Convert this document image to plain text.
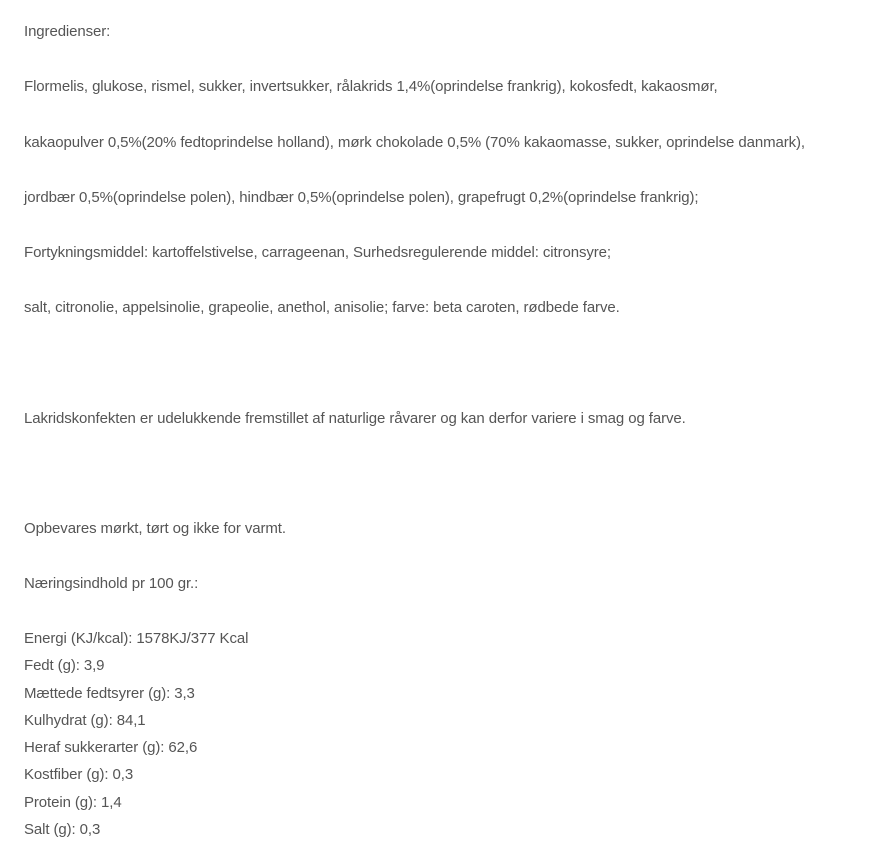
Ingredienser:
Flormelis, glukose, rismel, sukker, invertsukker, rålakrids 1,4%(oprindelse frankrig), kokosfedt, kakaosmør,
kakaopulver 0,5%(20% fedtoprindelse holland), mørk chokolade 0,5% (70% kakaomasse, sukker, oprindelse danmark),
jordbær 0,5%(oprindelse polen), hindbær 0,5%(oprindelse polen), grapefrugt 0,2%(oprindelse frankrig);
Fortykningsmiddel: kartoffelstivelse, carrageenan, Surhedsregulerende middel: citronsyre;
salt, citronolie, appelsinolie, grapeolie, anethol, anisolie; farve: beta caroten, rødbede farve.
Lakridskonfekten er udelukkende fremstillet af naturlige råvarer og kan derfor variere i smag og farve.
Opbevares mørkt, tørt og ikke for varmt.
Næringsindhold pr 100 gr.:
Energi (KJ/kcal): 1578KJ/377 Kcal
Fedt (g): 3,9
Mættede fedtsyrer (g): 3,3
Kulhydrat (g): 84,1
Heraf sukkerarter (g): 62,6
Kostfiber (g): 0,3
Protein (g): 1,4
Salt (g): 0,3
